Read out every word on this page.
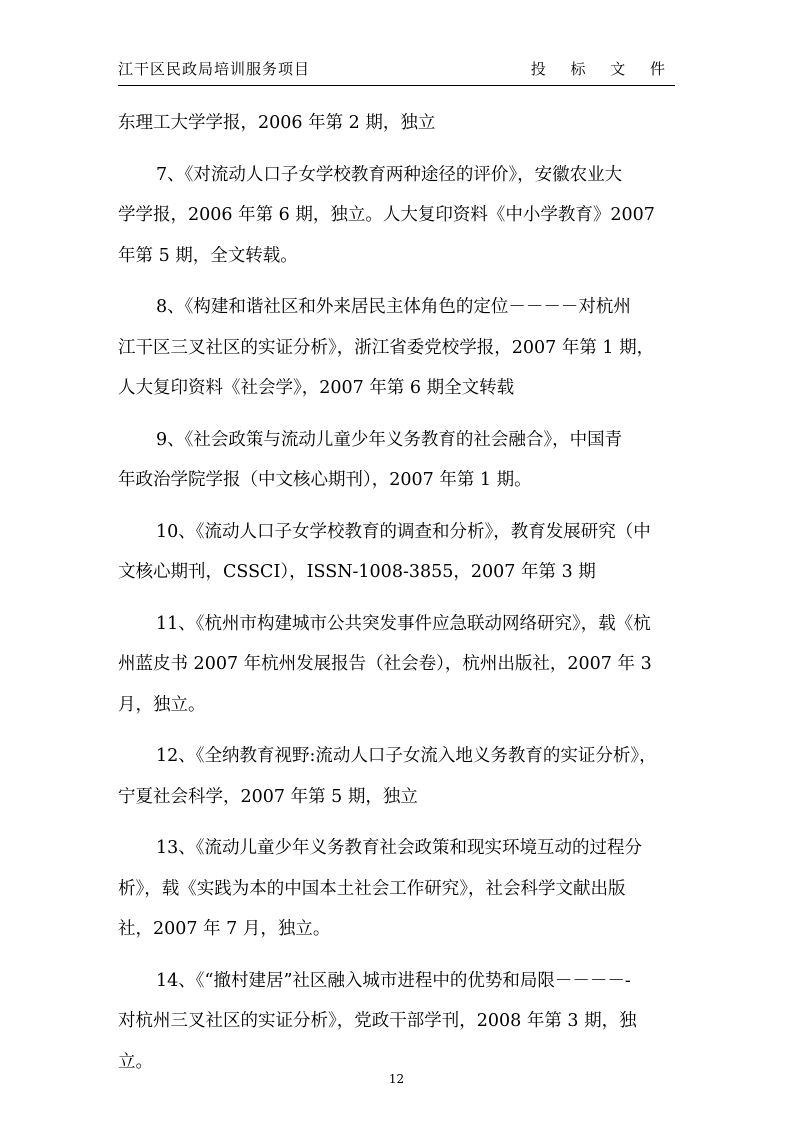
江干区民政局培训服务项目	投 标 文 件
东理工大学学报，2006 年第 2 期，独立
7、《对流动人口子女学校教育两种途径的评价》，安徽农业大
学学报，2006 年第 6 期，独立。人大复印资料《中小学教育》2007
年第 5 期，全文转载。
8、《构建和谐社区和外来居民主体角色的定位－－－－对杭州
江干区三叉社区的实证分析》，浙江省委党校学报，2007 年第 1 期，
人大复印资料《社会学》，2007 年第 6 期全文转载
9、《社会政策与流动儿童少年义务教育的社会融合》，中国青
年政治学院学报（中文核心期刊），2007 年第 1 期。
10、《流动人口子女学校教育的调查和分析》，教育发展研究（中
文核心期刊，CSSCI），ISSN-1008-3855，2007 年第 3 期
11、《杭州市构建城市公共突发事件应急联动网络研究》，载《杭
州蓝皮书 2007 年杭州发展报告（社会卷），杭州出版社，2007 年 3
月，独立。
12、《全纳教育视野:流动人口子女流入地义务教育的实证分析》，
宁夏社会科学，2007 年第 5 期，独立
13、《流动儿童少年义务教育社会政策和现实环境互动的过程分
析》，载《实践为本的中国本土社会工作研究》，社会科学文献出版
社，2007 年 7 月，独立。
14、《“撤村建居”社区融入城市进程中的优势和局限－－－－-
对杭州三叉社区的实证分析》，党政干部学刊，2008 年第 3 期，独
立。
12
